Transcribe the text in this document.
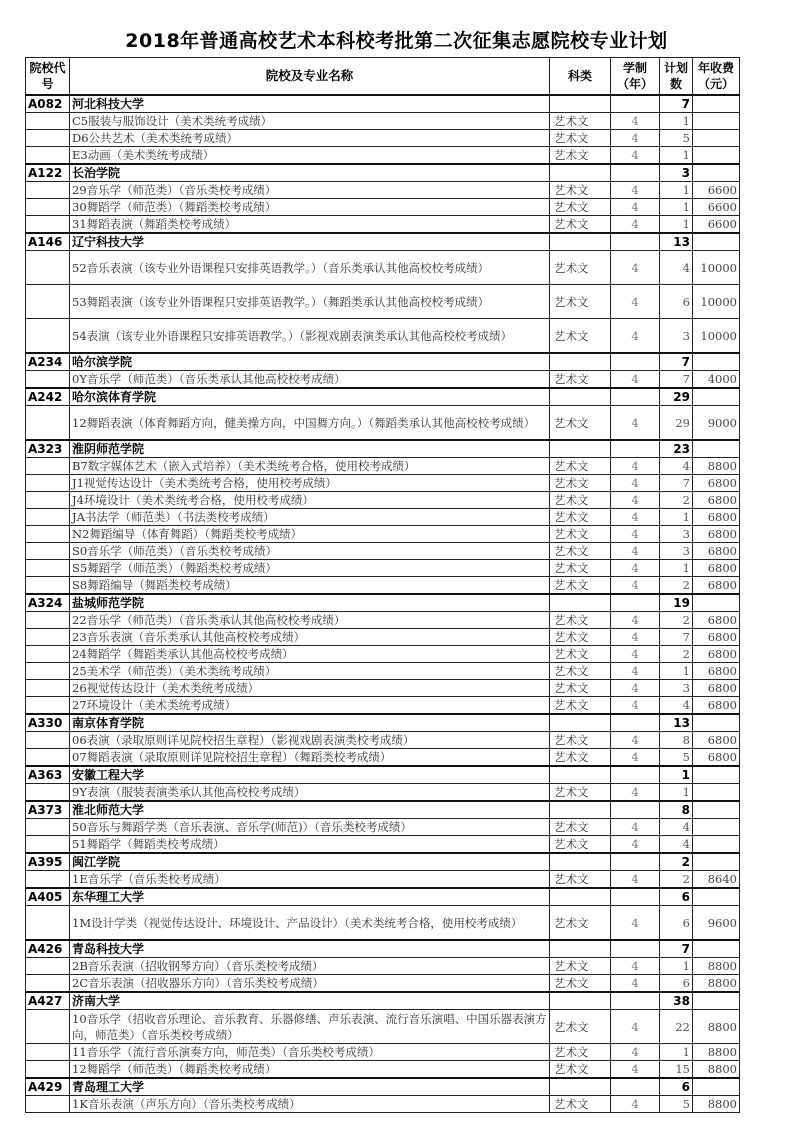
2018年普通高校艺术本科校考批第二次征集志愿院校专业计划
院校代号	院校及专业名称	科类	学制（年）	计划数	年收费（元）
A082	河北科技大学			7	
	C5服装与服饰设计（美术类统考成绩）	艺术文	4	1	
	D6公共艺术（美术类统考成绩）	艺术文	4	5	
	E3动画（美术类统考成绩）	艺术文	4	1	
A122	长治学院			3	
	29音乐学（师范类）（音乐类校考成绩）	艺术文	4	1	6600
	30舞蹈学（师范类）（舞蹈类校考成绩）	艺术文	4	1	6600
	31舞蹈表演（舞蹈类校考成绩）	艺术文	4	1	6600
A146	辽宁科技大学			13	
	52音乐表演（该专业外语课程只安排英语教学。）（音乐类承认其他高校校考成绩）	艺术文	4	4	10000
	53舞蹈表演（该专业外语课程只安排英语教学。）（舞蹈类承认其他高校校考成绩）	艺术文	4	6	10000
	54表演（该专业外语课程只安排英语教学。）（影视戏剧表演类承认其他高校校考成绩）	艺术文	4	3	10000
A234	哈尔滨学院			7	
	0Y音乐学（师范类）（音乐类承认其他高校校考成绩）	艺术文	4	7	4000
A242	哈尔滨体育学院			29	
	12舞蹈表演（体育舞蹈方向，健美操方向，中国舞方向。）（舞蹈类承认其他高校校考成绩）	艺术文	4	29	9000
A323	淮阴师范学院			23	
	B7数字媒体艺术（嵌入式培养）（美术类统考合格，使用校考成绩）	艺术文	4	4	8800
	J1视觉传达设计（美术类统考合格，使用校考成绩）	艺术文	4	7	6800
	J4环境设计（美术类统考合格，使用校考成绩）	艺术文	4	2	6800
	JA书法学（师范类）（书法类校考成绩）	艺术文	4	1	6800
	N2舞蹈编导（体育舞蹈）（舞蹈类校考成绩）	艺术文	4	3	6800
	S0音乐学（师范类）（音乐类校考成绩）	艺术文	4	3	6800
	S5舞蹈学（师范类）（舞蹈类校考成绩）	艺术文	4	1	6800
	S8舞蹈编导（舞蹈类校考成绩）	艺术文	4	2	6800
A324	盐城师范学院			19	
	22音乐学（师范类）（音乐类承认其他高校校考成绩）	艺术文	4	2	6800
	23音乐表演（音乐类承认其他高校校考成绩）	艺术文	4	7	6800
	24舞蹈学（舞蹈类承认其他高校校考成绩）	艺术文	4	2	6800
	25美术学（师范类）（美术类统考成绩）	艺术文	4	1	6800
	26视觉传达设计（美术类统考成绩）	艺术文	4	3	6800
	27环境设计（美术类统考成绩）	艺术文	4	4	6800
A330	南京体育学院			13	
	06表演（录取原则详见院校招生章程）（影视戏剧表演类校考成绩）	艺术文	4	8	6800
	07舞蹈表演（录取原则详见院校招生章程）（舞蹈类校考成绩）	艺术文	4	5	6800
A363	安徽工程大学			1	
	9Y表演（服装表演类承认其他高校校考成绩）	艺术文	4	1	
A373	淮北师范大学			8	
	50音乐与舞蹈学类（音乐表演、音乐学(师范)）（音乐类校考成绩）	艺术文	4	4	
	51舞蹈学（舞蹈类校考成绩）	艺术文	4	4	
A395	闽江学院			2	
	1E音乐学（音乐类校考成绩）	艺术文	4	2	8640
A405	东华理工大学			6	
	1M设计学类（视觉传达设计、环境设计、产品设计）（美术类统考合格，使用校考成绩）	艺术文	4	6	9600
A426	青岛科技大学			7	
	2B音乐表演（招收钢琴方向）（音乐类校考成绩）	艺术文	4	1	8800
	2C音乐表演（招收器乐方向）（音乐类校考成绩）	艺术文	4	6	8800
A427	济南大学			38	
	10音乐学（招收音乐理论、音乐教育、乐器修缮、声乐表演、流行音乐演唱、中国乐器表演方向，师范类）（音乐类校考成绩）	艺术文	4	22	8800
	11音乐学（流行音乐演奏方向，师范类）（音乐类校考成绩）	艺术文	4	1	8800
	12舞蹈学（师范类）（舞蹈类校考成绩）	艺术文	4	15	8800
A429	青岛理工大学			6	
	1K音乐表演（声乐方向）（音乐类校考成绩）	艺术文	4	5	8800
